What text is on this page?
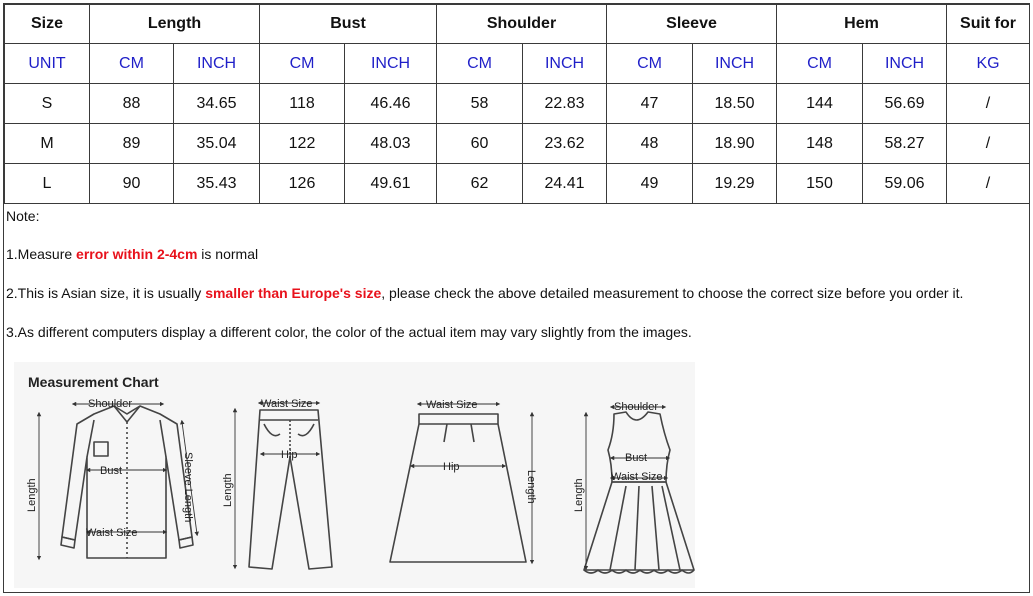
Size	Length		Bust		Shoulder		Sleeve		Hem		Suit for
UNIT	CM	INCH	CM	INCH	CM	INCH	CM	INCH	CM	INCH	KG
S	88	34.65	118	46.46	58	22.83	47	18.50	144	56.69	/
M	89	35.04	122	48.03	60	23.62	48	18.90	148	58.27	/
L	90	35.43	126	49.61	62	24.41	49	19.29	150	59.06	/
Note:
1.Measure error within 2-4cm is normal
2.This is Asian size, it is usually smaller than Europe's size, please check the above detailed measurement to choose the correct size before you order it.
3.As different computers display a different color, the color of the actual item may vary slightly from the images.
Shoulder
Bust
Waist Size
Length	Sleeve Length
Waist Size
Hip
Length
Waist Size
Hip
Length
Shoulder
Bust
Waist Size
Length
Measurement Chart
